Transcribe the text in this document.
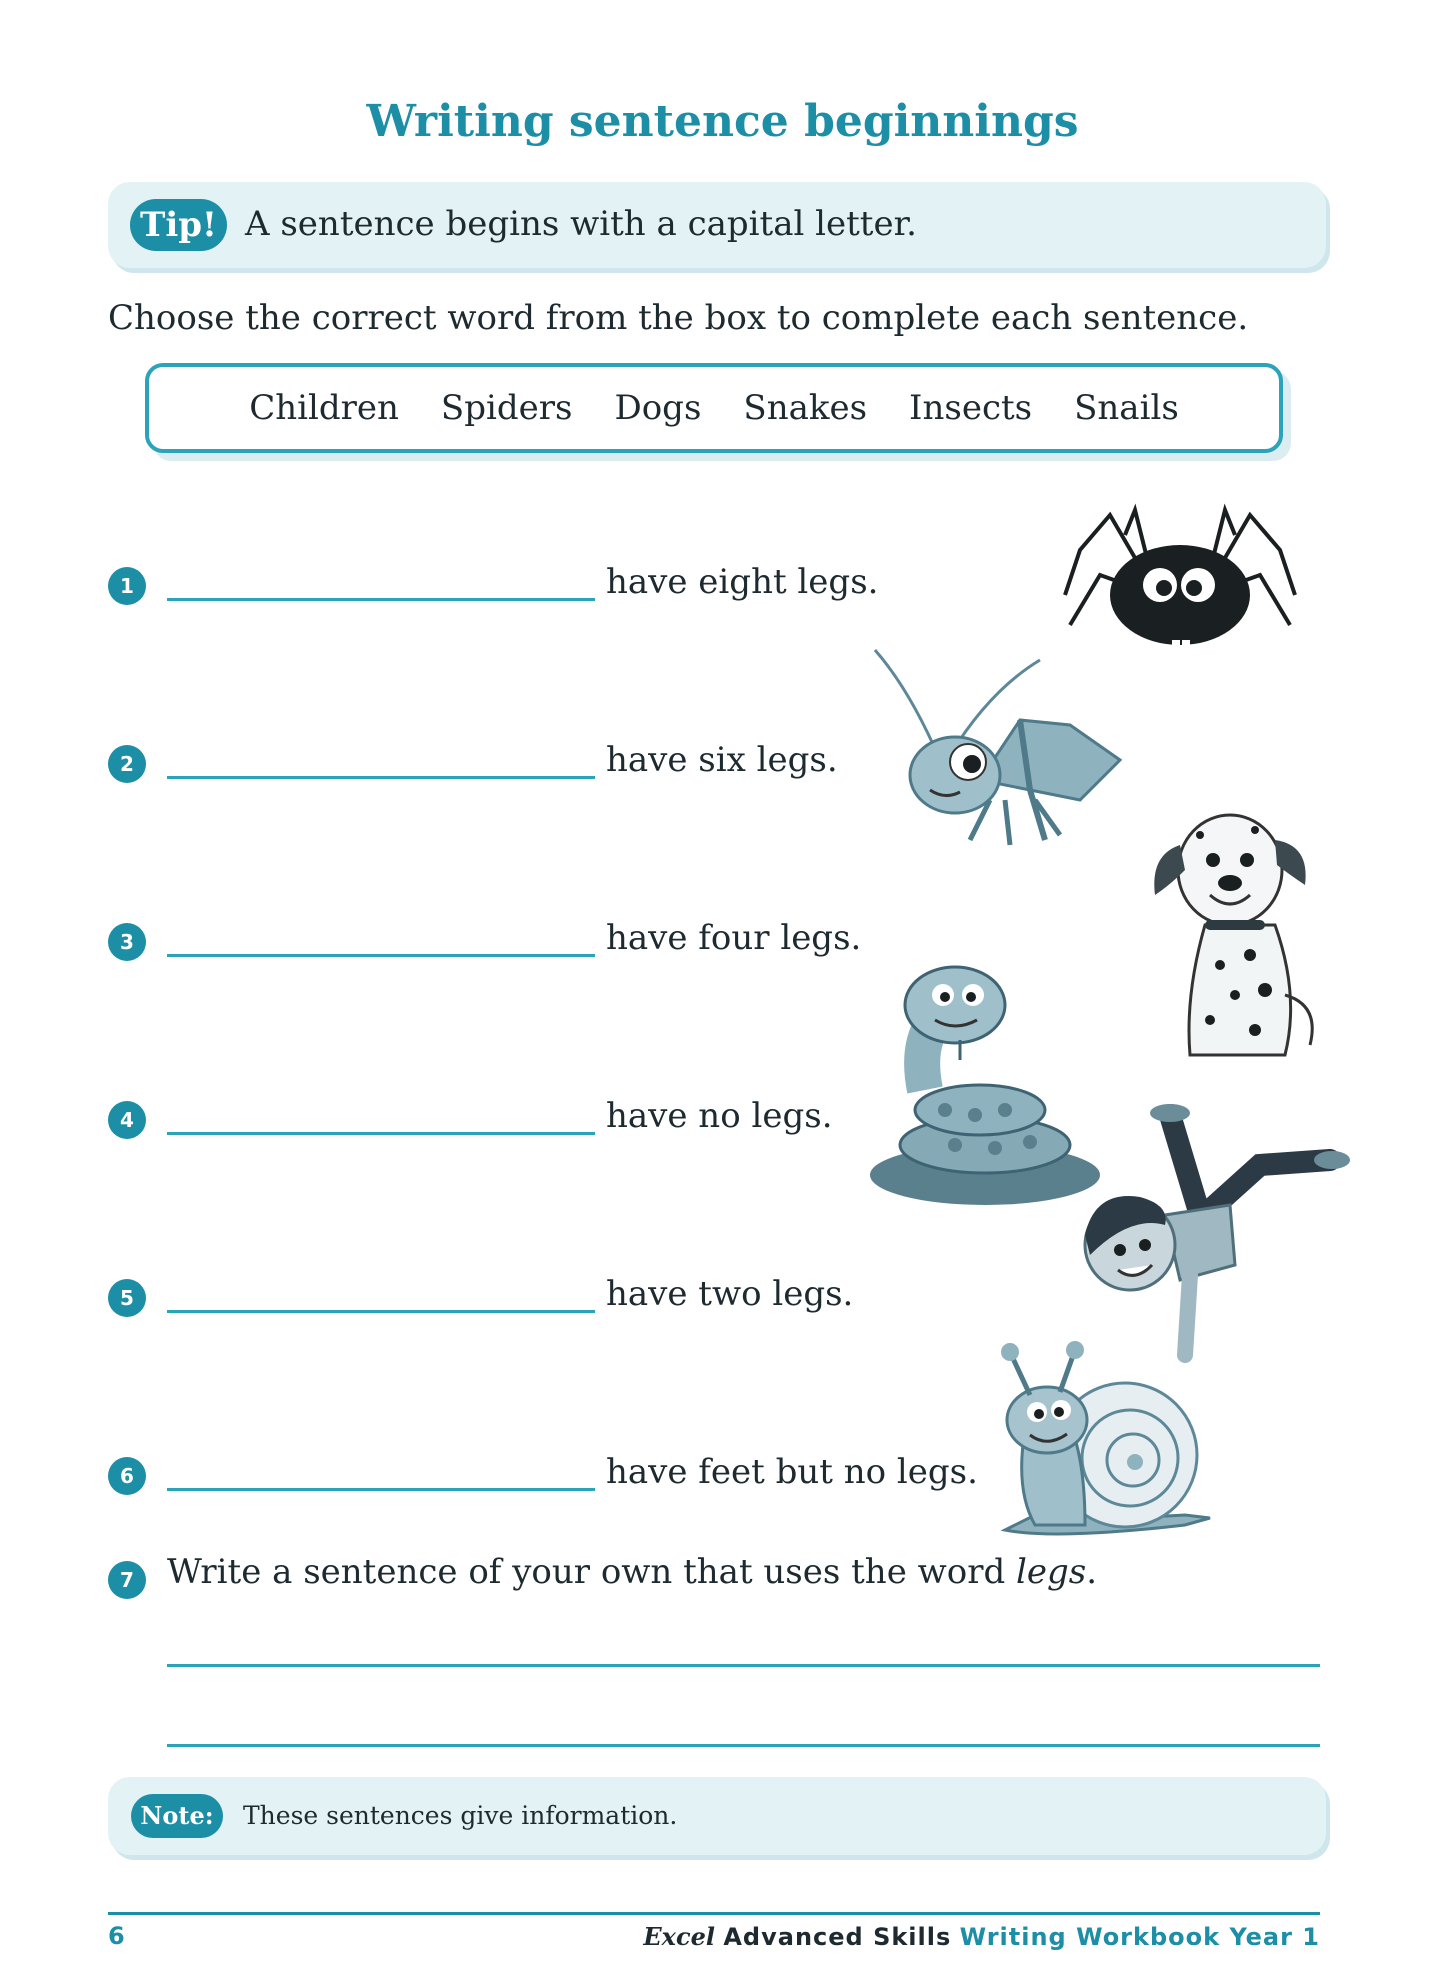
Writing sentence beginnings
Tip! A sentence begins with a capital letter.
Choose the correct word from the box to complete each sentence.
Children Spiders Dogs Snakes Insects Snails
1	have eight legs.
2	have six legs.
3	have four legs.
4	have no legs.
5	have two legs.
6	have feet but no legs.
7 Write a sentence of your own that uses the word legs.
Note:	These sentences give information.
6	Excel Advanced Skills Writing Workbook Year 1
